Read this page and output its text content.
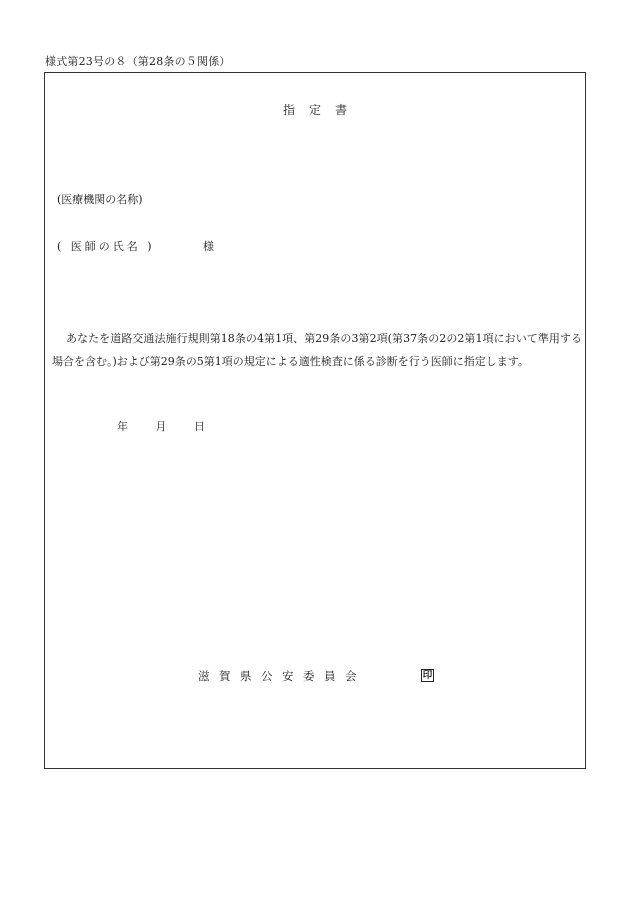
様式第23号の８（第28条の５関係）
指定書
(医療機関の名称)
( 医師の氏名 )	様
あなたを道路交通法施行規則第18条の4第1項、第29条の3第2項(第37条の2の2第1項において準用する場合を含む。)および第29条の5第1項の規定による適性検査に係る診断を行う医師に指定します。
年	月	日
滋賀県公安委員会	印
